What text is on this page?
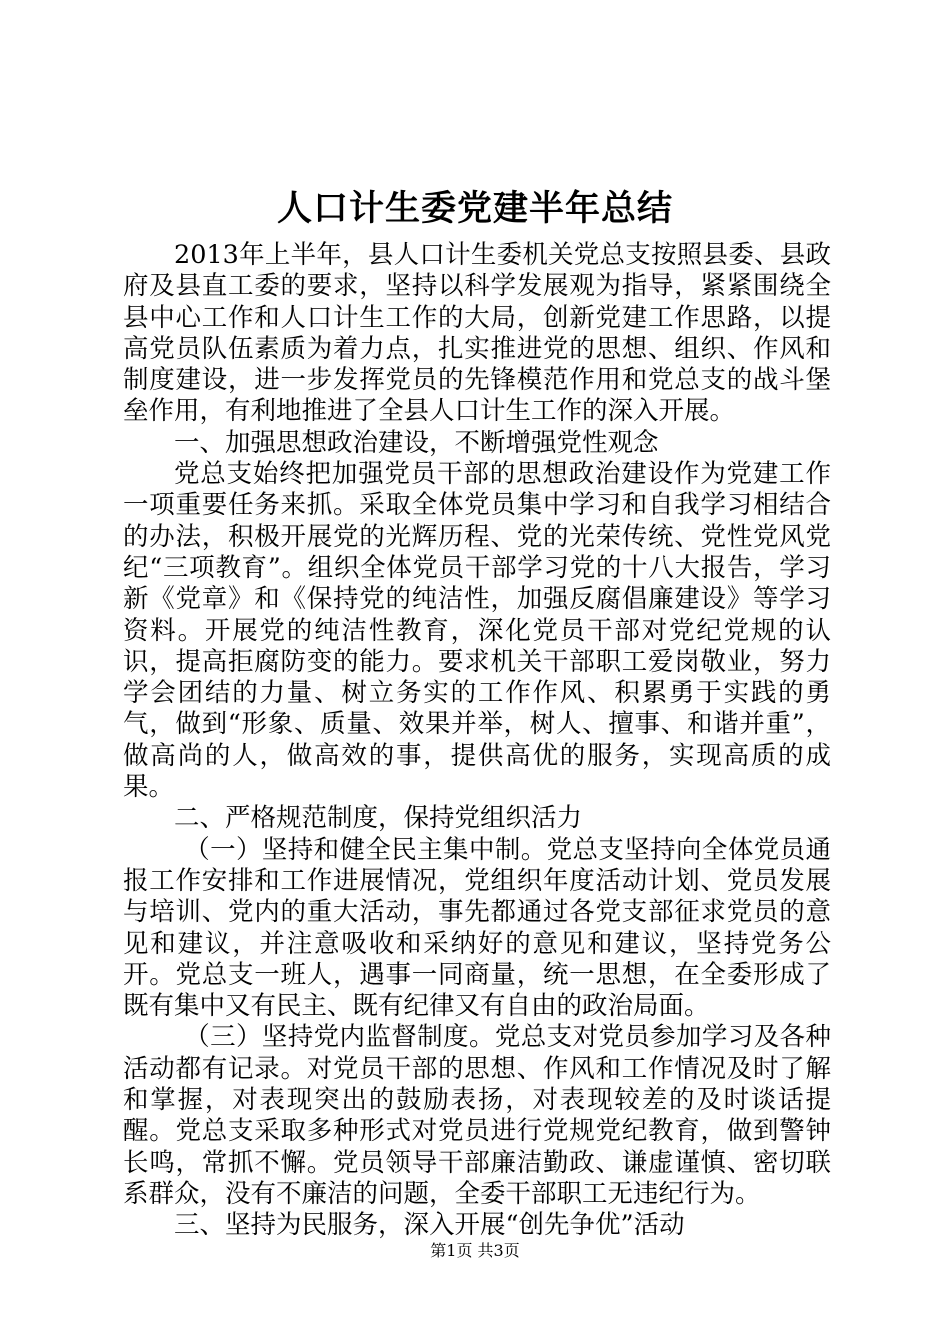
人口计生委党建半年总结

2013年上半年，县人口计生委机关党总支按照县委、县政府及县直工委的要求，坚持以科学发展观为指导，紧紧围绕全县中心工作和人口计生工作的大局，创新党建工作思路，以提高党员队伍素质为着力点，扎实推进党的思想、组织、作风和制度建设，进一步发挥党员的先锋模范作用和党总支的战斗堡垒作用，有利地推进了全县人口计生工作的深入开展。

一、加强思想政治建设，不断增强党性观念

党总支始终把加强党员干部的思想政治建设作为党建工作一项重要任务来抓。采取全体党员集中学习和自我学习相结合的办法，积极开展党的光辉历程、党的光荣传统、党性党风党纪“三项教育”。组织全体党员干部学习党的十八大报告，学习新《党章》和《保持党的纯洁性，加强反腐倡廉建设》等学习资料。开展党的纯洁性教育，深化党员干部对党纪党规的认识，提高拒腐防变的能力。要求机关干部职工爱岗敬业，努力学会团结的力量、树立务实的工作作风、积累勇于实践的勇气，做到“形象、质量、效果并举，树人、擅事、和谐并重”，做高尚的人，做高效的事，提供高优的服务，实现高质的成果。

二、严格规范制度，保持党组织活力

（一）坚持和健全民主集中制。党总支坚持向全体党员通报工作安排和工作进展情况，党组织年度活动计划、党员发展与培训、党内的重大活动，事先都通过各党支部征求党员的意见和建议，并注意吸收和采纳好的意见和建议，坚持党务公开。党总支一班人，遇事一同商量，统一思想，在全委形成了既有集中又有民主、既有纪律又有自由的政治局面。

（三）坚持党内监督制度。党总支对党员参加学习及各种活动都有记录。对党员干部的思想、作风和工作情况及时了解和掌握，对表现突出的鼓励表扬，对表现较差的及时谈话提醒。党总支采取多种形式对党员进行党规党纪教育，做到警钟长鸣，常抓不懈。党员领导干部廉洁勤政、谦虚谨慎、密切联系群众，没有不廉洁的问题，全委干部职工无违纪行为。

三、坚持为民服务，深入开展“创先争优”活动

第1页 共3页
